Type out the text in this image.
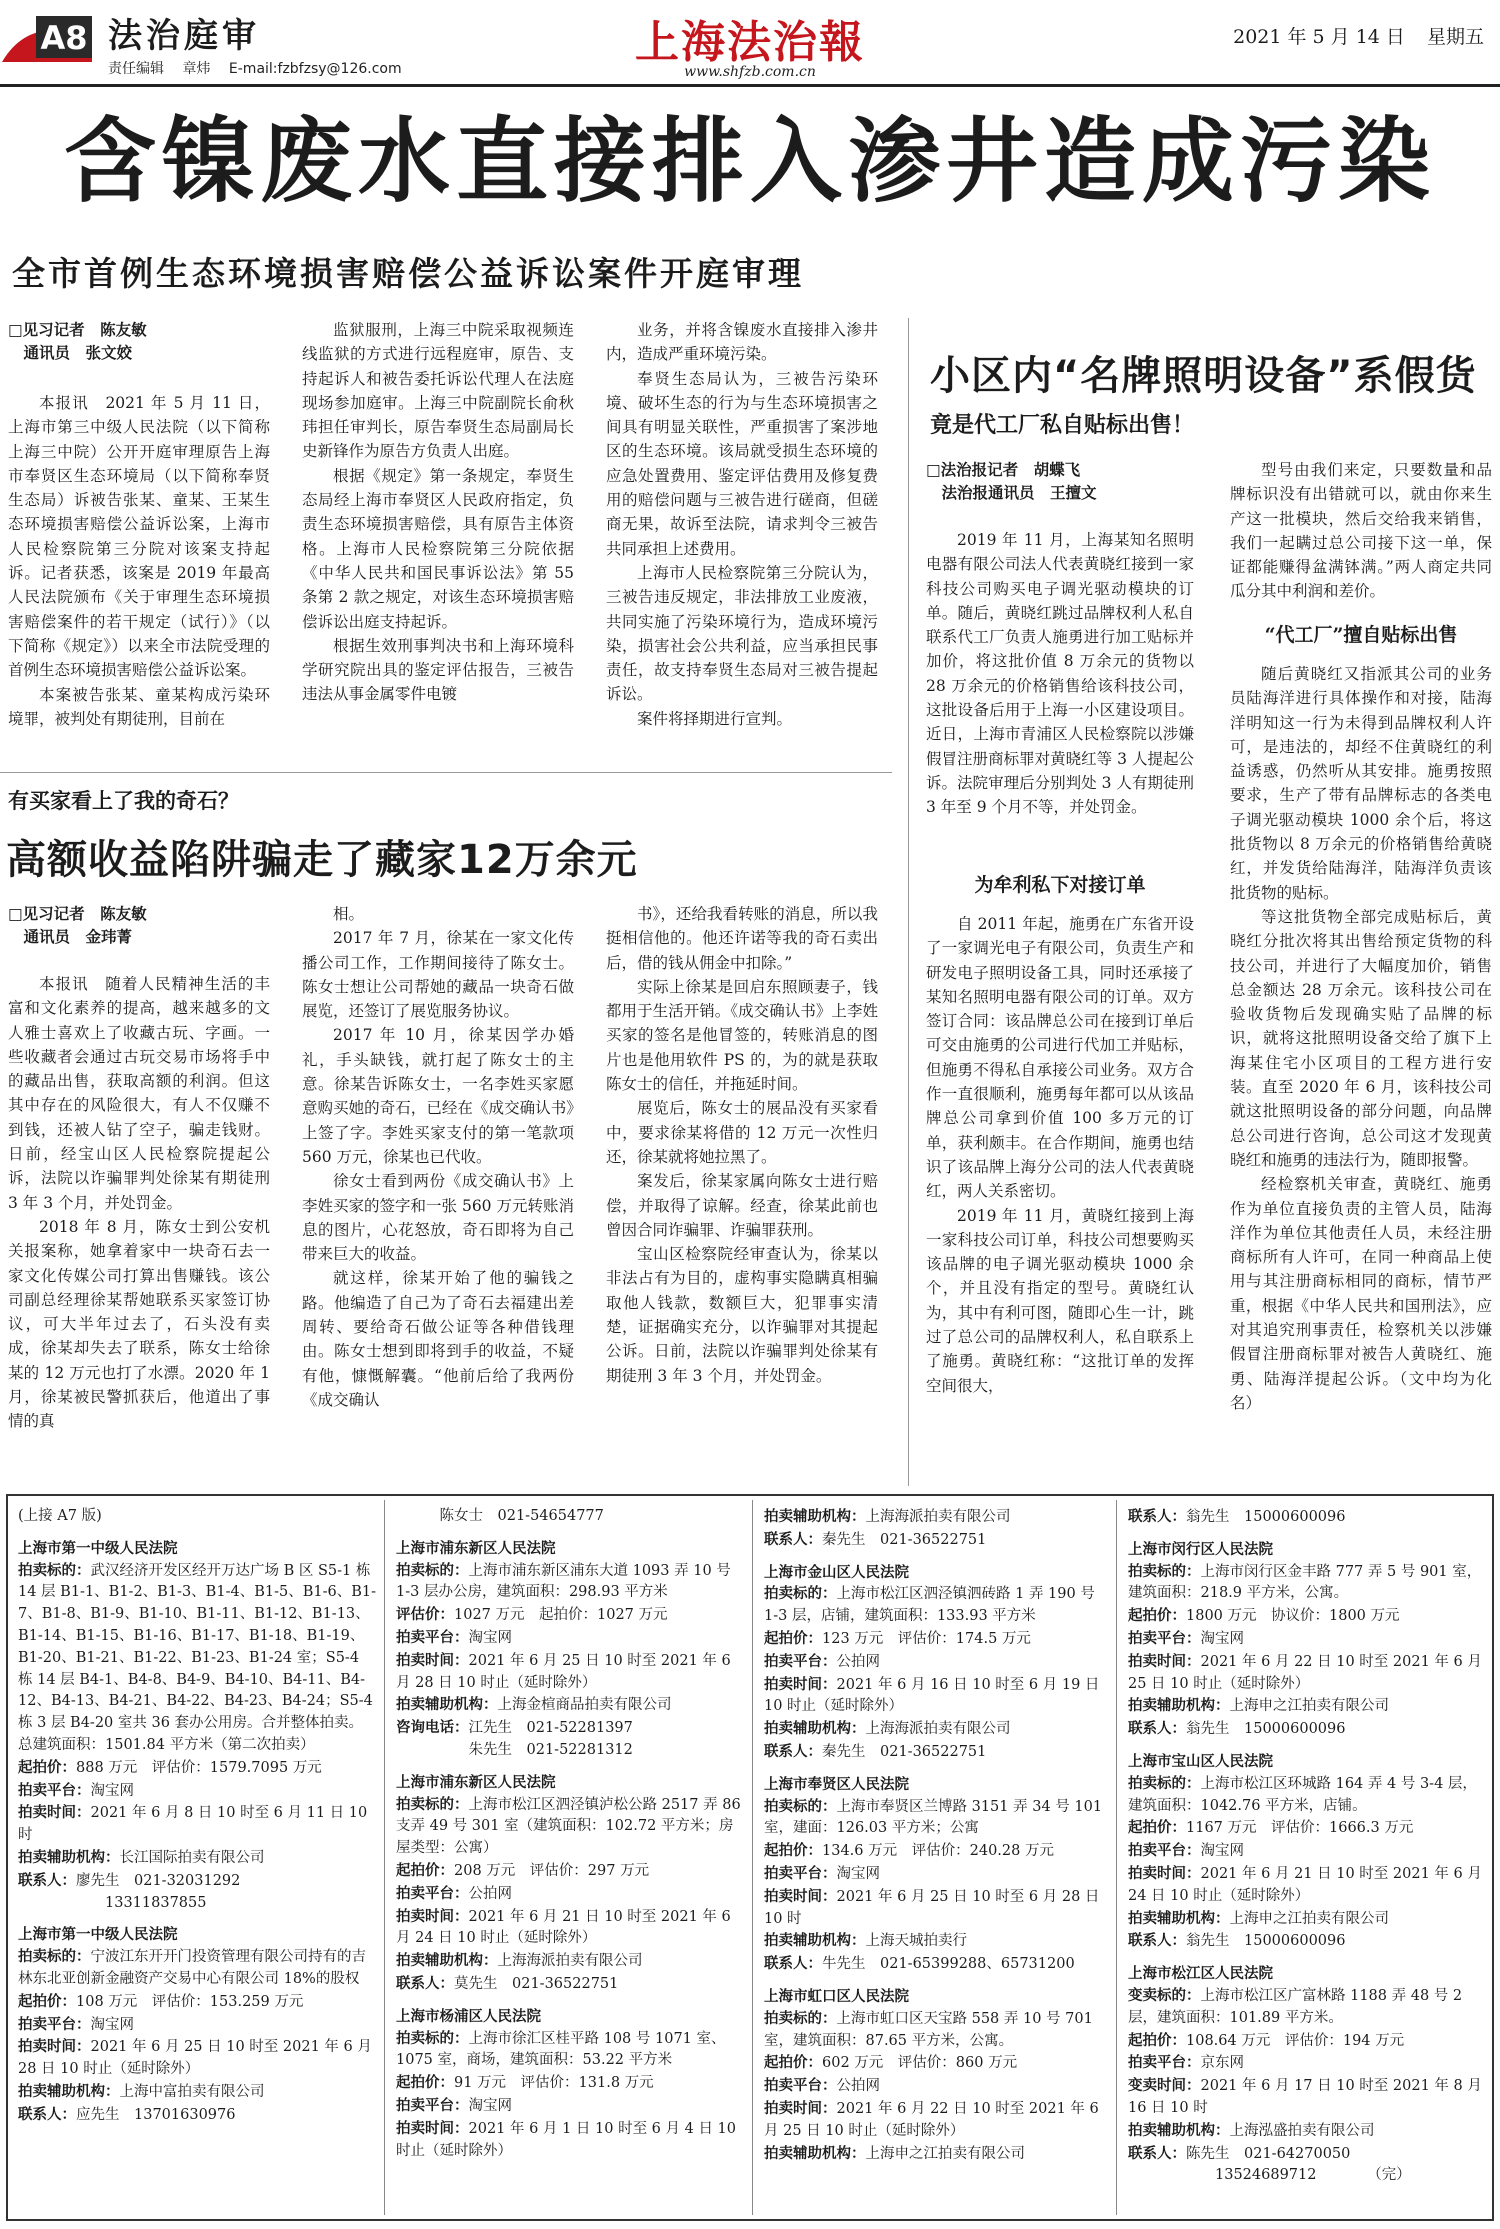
A8 法治庭审
责任编辑 章炜 E-mail:fzbfzsy@126.com
上海法治報
www.shfzb.com.cn
2021 年 5 月 14 日 星期五
含镍废水直接排入渗井造成污染
全市首例生态环境损害赔偿公益诉讼案件开庭审理
□见习记者　陈友敏
　通讯员　张文姣

本报讯　2021 年 5 月 11 日，上海市第三中级人民法院（以下简称上海三中院）公开开庭审理原告上海市奉贤区生态环境局（以下简称奉贤生态局）诉被告张某、童某、王某生态环境损害赔偿公益诉讼案，上海市人民检察院第三分院对该案支持起诉。记者获悉，该案是 2019 年最高人民法院颁布《关于审理生态环境损害赔偿案件的若干规定（试行）》（以下简称《规定》）以来全市法院受理的首例生态环境损害赔偿公益诉讼案。

本案被告张某、童某构成污染环境罪，被判处有期徒刑，目前在

监狱服刑，上海三中院采取视频连线监狱的方式进行远程庭审，原告、支持起诉人和被告委托诉讼代理人在法庭现场参加庭审。上海三中院副院长俞秋玮担任审判长，原告奉贤生态局副局长史新锋作为原告方负责人出庭。

根据《规定》第一条规定，奉贤生态局经上海市奉贤区人民政府指定，负责生态环境损害赔偿，具有原告主体资格。上海市人民检察院第三分院依据《中华人民共和国民事诉讼法》第 55 条第 2 款之规定，对该生态环境损害赔偿诉讼出庭支持起诉。

根据生效刑事判决书和上海环境科学研究院出具的鉴定评估报告，三被告违法从事金属零件电镀

业务，并将含镍废水直接排入渗井内，造成严重环境污染。

奉贤生态局认为，三被告污染环境、破坏生态的行为与生态环境损害之间具有明显关联性，严重损害了案涉地区的生态环境。该局就受损生态环境的应急处置费用、鉴定评估费用及修复费用的赔偿问题与三被告进行磋商，但磋商无果，故诉至法院，请求判令三被告共同承担上述费用。

上海市人民检察院第三分院认为，三被告违反规定，非法排放工业废液，共同实施了污染环境行为，造成环境污染，损害社会公共利益，应当承担民事责任，故支持奉贤生态局对三被告提起诉讼。

案件将择期进行宣判。

有买家看上了我的奇石？
高额收益陷阱骗走了藏家12万余元
□见习记者　陈友敏
　通讯员　金玮菁

本报讯　随着人民精神生活的丰富和文化素养的提高，越来越多的文人雅士喜欢上了收藏古玩、字画。一些收藏者会通过古玩交易市场将手中的藏品出售，获取高额的利润。但这其中存在的风险很大，有人不仅赚不到钱，还被人钻了空子，骗走钱财。日前，经宝山区人民检察院提起公诉，法院以诈骗罪判处徐某有期徒刑 3 年 3 个月，并处罚金。

2018 年 8 月，陈女士到公安机关报案称，她拿着家中一块奇石去一家文化传媒公司打算出售赚钱。该公司副总经理徐某帮她联系买家签订协议，可大半年过去了，石头没有卖成，徐某却失去了联系，陈女士给徐某的 12 万元也打了水漂。2020 年 1 月，徐某被民警抓获后，他道出了事情的真

相。

2017 年 7 月，徐某在一家文化传播公司工作，工作期间接待了陈女士。陈女士想让公司帮她的藏品一块奇石做展览，还签订了展览服务协议。

2017 年 10 月，徐某因学办婚礼，手头缺钱，就打起了陈女士的主意。徐某告诉陈女士，一名李姓买家愿意购买她的奇石，已经在《成交确认书》上签了字。李姓买家支付的第一笔款项 560 万元，徐某也已代收。

徐女士看到两份《成交确认书》上李姓买家的签字和一张 560 万元转账消息的图片，心花怒放，奇石即将为自己带来巨大的收益。

就这样，徐某开始了他的骗钱之路。他编造了自己为了奇石去福建出差周转、要给奇石做公证等各种借钱理由。陈女士想到即将到手的收益，不疑有他，慷慨解囊。“他前后给了我两份《成交确认

书》，还给我看转账的消息，所以我挺相信他的。他还许诺等我的奇石卖出后，借的钱从佣金中扣除。”

实际上徐某是回启东照顾妻子，钱都用于生活开销。《成交确认书》上李姓买家的签名是他冒签的，转账消息的图片也是他用软件 PS 的，为的就是获取陈女士的信任，并拖延时间。

展览后，陈女士的展品没有买家看中，要求徐某将借的 12 万元一次性归还，徐某就将她拉黑了。

案发后，徐某家属向陈女士进行赔偿，并取得了谅解。经查，徐某此前也曾因合同诈骗罪、诈骗罪获刑。

宝山区检察院经审查认为，徐某以非法占有为目的，虚构事实隐瞒真相骗取他人钱款，数额巨大，犯罪事实清楚，证据确实充分，以诈骗罪对其提起公诉。日前，法院以诈骗罪判处徐某有期徒刑 3 年 3 个月，并处罚金。

小区内“名牌照明设备”系假货
竟是代工厂私自贴标出售！
□法治报记者　胡蝶飞
　法治报通讯员　王擅文

2019 年 11 月，上海某知名照明电器有限公司法人代表黄晓红接到一家科技公司购买电子调光驱动模块的订单。随后，黄晓红跳过品牌权利人私自联系代工厂负责人施勇进行加工贴标并加价，将这批价值 8 万余元的货物以 28 万余元的价格销售给该科技公司，这批设备后用于上海一小区建设项目。近日，上海市青浦区人民检察院以涉嫌假冒注册商标罪对黄晓红等 3 人提起公诉。法院审理后分别判处 3 人有期徒刑 3 年至 9 个月不等，并处罚金。

为牟利私下对接订单

自 2011 年起，施勇在广东省开设了一家调光电子有限公司，负责生产和研发电子照明设备工具，同时还承接了某知名照明电器有限公司的订单。双方签订合同：该品牌总公司在接到订单后可交由施勇的公司进行代加工并贴标，但施勇不得私自承接公司业务。双方合作一直很顺利，施勇每年都可以从该品牌总公司拿到价值 100 多万元的订单，获利颇丰。在合作期间，施勇也结识了该品牌上海分公司的法人代表黄晓红，两人关系密切。

2019 年 11 月，黄晓红接到上海一家科技公司订单，科技公司想要购买该品牌的电子调光驱动模块 1000 余个，并且没有指定的型号。黄晓红认为，其中有利可图，随即心生一计，跳过了总公司的品牌权利人，私自联系上了施勇。黄晓红称：“这批订单的发挥空间很大，

型号由我们来定，只要数量和品牌标识没有出错就可以，就由你来生产这一批模块，然后交给我来销售，我们一起瞒过总公司接下这一单，保证都能赚得盆满钵满。”两人商定共同瓜分其中利润和差价。

“代工厂”擅自贴标出售

随后黄晓红又指派其公司的业务员陆海洋进行具体操作和对接，陆海洋明知这一行为未得到品牌权利人许可，是违法的，却经不住黄晓红的利益诱惑，仍然听从其安排。施勇按照要求，生产了带有品牌标志的各类电子调光驱动模块 1000 余个后，将这批货物以 8 万余元的价格销售给黄晓红，并发货给陆海洋，陆海洋负责该批货物的贴标。

等这批货物全部完成贴标后，黄晓红分批次将其出售给预定货物的科技公司，并进行了大幅度加价，销售总金额达 28 万余元。该科技公司在验收货物后发现确实贴了品牌的标识，就将这批照明设备交给了旗下上海某住宅小区项目的工程方进行安装。直至 2020 年 6 月，该科技公司就这批照明设备的部分问题，向品牌总公司进行咨询，总公司这才发现黄晓红和施勇的违法行为，随即报警。

经检察机关审查，黄晓红、施勇作为单位直接负责的主管人员，陆海洋作为单位其他责任人员，未经注册商标所有人许可，在同一种商品上使用与其注册商标相同的商标，情节严重，根据《中华人民共和国刑法》，应对其追究刑事责任，检察机关以涉嫌假冒注册商标罪对被告人黄晓红、施勇、陆海洋提起公诉。（文中均为化名）

(上接 A7 版)
上海市第一中级人民法院
拍卖标的：武汉经济开发区经开万达广场 B 区 S5-1 栋 14 层 B1-1、B1-2、B1-3、B1-4、B1-5、B1-6、B1-7、B1-8、B1-9、B1-10、B1-11、B1-12、B1-13、B1-14、B1-15、B1-16、B1-17、B1-18、B1-19、B1-20、B1-21、B1-22、B1-23、B1-24 室；S5-4 栋 14 层 B4-1、B4-8、B4-9、B4-10、B4-11、B4-12、B4-13、B4-21、B4-22、B4-23、B4-24；S5-4 栋 3 层 B4-20 室共 36 套办公用房。合并整体拍卖。总建筑面积：1501.84 平方米（第二次拍卖）
起拍价：888 万元　评估价：1579.7095 万元
拍卖平台：淘宝网
拍卖时间：2021 年 6 月 8 日 10 时至 6 月 11 日 10 时
拍卖辅助机构：长江国际拍卖有限公司
联系人：廖先生　021-32031292
　　　　　　13311837855
上海市第一中级人民法院
拍卖标的：宁波江东开开门投资管理有限公司持有的吉林东北亚创新金融资产交易中心有限公司 18%的股权
起拍价：108 万元　评估价：153.259 万元
拍卖平台：淘宝网
拍卖时间：2021 年 6 月 25 日 10 时至 2021 年 6 月 28 日 10 时止（延时除外）
拍卖辅助机构：上海中富拍卖有限公司
联系人：应先生　13701630976
　　　陈女士　021-54654777
上海市浦东新区人民法院
拍卖标的：上海市浦东新区浦东大道 1093 弄 10 号 1-3 层办公房，建筑面积：298.93 平方米
评估价：1027 万元　起拍价：1027 万元
拍卖平台：淘宝网
拍卖时间：2021 年 6 月 25 日 10 时至 2021 年 6 月 28 日 10 时止（延时除外）
拍卖辅助机构：上海金楦商品拍卖有限公司
咨询电话：江先生　021-52281397
　　　　　朱先生　021-52281312
上海市浦东新区人民法院
拍卖标的：上海市松江区泗泾镇泸松公路 2517 弄 86 支弄 49 号 301 室（建筑面积：102.72 平方米；房屋类型：公寓）
起拍价：208 万元　评估价：297 万元
拍卖平台：公拍网
拍卖时间：2021 年 6 月 21 日 10 时至 2021 年 6 月 24 日 10 时止（延时除外）
拍卖辅助机构：上海海派拍卖有限公司
联系人：莫先生　021-36522751
上海市杨浦区人民法院
拍卖标的：上海市徐汇区桂平路 108 号 1071 室、1075 室，商场，建筑面积：53.22 平方米
起拍价：91 万元　评估价：131.8 万元
拍卖平台：淘宝网
拍卖时间：2021 年 6 月 1 日 10 时至 6 月 4 日 10 时止（延时除外）
拍卖辅助机构：上海海派拍卖有限公司
联系人：秦先生　021-36522751
上海市金山区人民法院
拍卖标的：上海市松江区泗泾镇泗砖路 1 弄 190 号 1-3 层，店铺，建筑面积：133.93 平方米
起拍价：123 万元　评估价：174.5 万元
拍卖平台：公拍网
拍卖时间：2021 年 6 月 16 日 10 时至 6 月 19 日 10 时止（延时除外）
拍卖辅助机构：上海海派拍卖有限公司
联系人：秦先生　021-36522751
上海市奉贤区人民法院
拍卖标的：上海市奉贤区兰博路 3151 弄 34 号 101 室，建面：126.03 平方米；公寓
起拍价：134.6 万元　评估价：240.28 万元
拍卖平台：淘宝网
拍卖时间：2021 年 6 月 25 日 10 时至 6 月 28 日 10 时
拍卖辅助机构：上海天城拍卖行
联系人：牛先生　021-65399288、65731200
上海市虹口区人民法院
拍卖标的：上海市虹口区天宝路 558 弄 10 号 701 室，建筑面积：87.65 平方米，公寓。
起拍价：602 万元　评估价：860 万元
拍卖平台：公拍网
拍卖时间：2021 年 6 月 22 日 10 时至 2021 年 6 月 25 日 10 时止（延时除外）
拍卖辅助机构：上海申之江拍卖有限公司
联系人：翁先生　15000600096
上海市闵行区人民法院
拍卖标的：上海市闵行区金丰路 777 弄 5 号 901 室，建筑面积：218.9 平方米，公寓。
起拍价：1800 万元　协议价：1800 万元
拍卖平台：淘宝网
拍卖时间：2021 年 6 月 22 日 10 时至 2021 年 6 月 25 日 10 时止（延时除外）
拍卖辅助机构：上海申之江拍卖有限公司
联系人：翁先生　15000600096
上海市宝山区人民法院
拍卖标的：上海市松江区环城路 164 弄 4 号 3-4 层，建筑面积：1042.76 平方米，店铺。
起拍价：1167 万元　评估价：1666.3 万元
拍卖平台：淘宝网
拍卖时间：2021 年 6 月 21 日 10 时至 2021 年 6 月 24 日 10 时止（延时除外）
拍卖辅助机构：上海申之江拍卖有限公司
联系人：翁先生　15000600096
上海市松江区人民法院
变卖标的：上海市松江区广富林路 1188 弄 48 号 2 层，建筑面积：101.89 平方米。
起拍价：108.64 万元　评估价：194 万元
拍卖平台：京东网
变卖时间：2021 年 6 月 17 日 10 时至 2021 年 8 月 16 日 10 时
拍卖辅助机构：上海泓盛拍卖有限公司
联系人：陈先生　021-64270050
　　　　　　13524689712　　　　（完）
